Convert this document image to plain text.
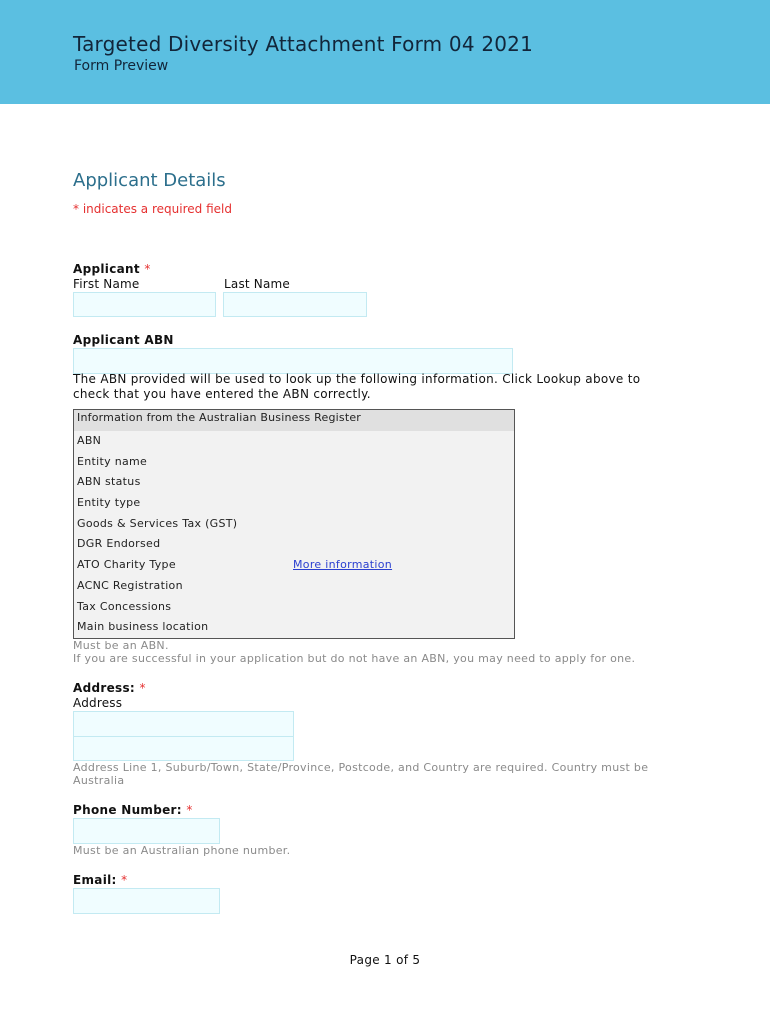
Targeted Diversity Attachment Form 04 2021
Form Preview
Applicant Details
* indicates a required field
Applicant *
First Name	Last Name
Applicant ABN
The ABN provided will be used to look up the following information. Click Lookup above to check that you have entered the ABN correctly.
Information from the Australian Business Register
ABN
Entity name
ABN status
Entity type
Goods & Services Tax (GST)
DGR Endorsed
ATO Charity Type	More information
ACNC Registration
Tax Concessions
Main business location
Must be an ABN.
If you are successful in your application but do not have an ABN, you may need to apply for one.
Address: *
Address
Address Line 1, Suburb/Town, State/Province, Postcode, and Country are required. Country must be Australia
Phone Number: *
Must be an Australian phone number.
Email: *
Page 1 of 5
